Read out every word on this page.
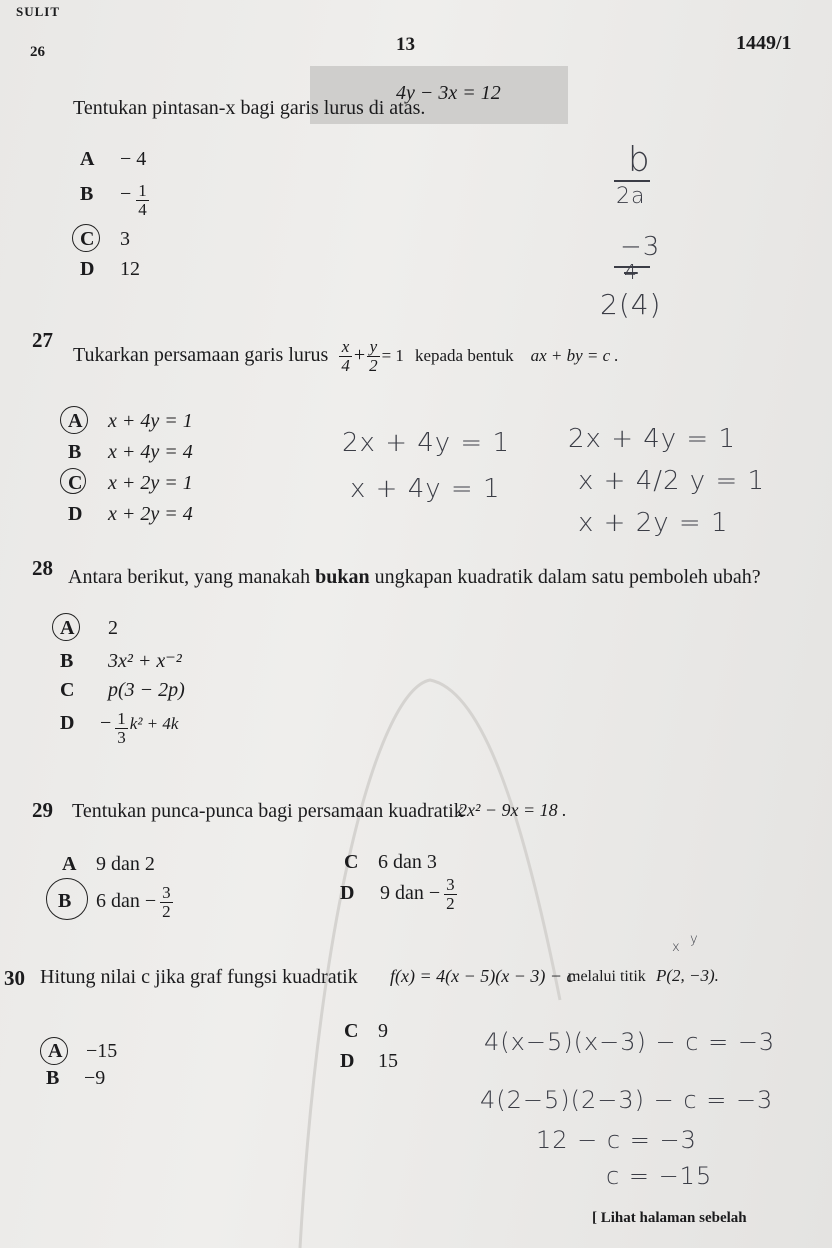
SULIT
26	13	1449/1
4y − 3x = 12
Tentukan pintasan-x bagi garis lurus di atas.
A − 4
$B - \frac{1}{4}$
C 3
D 12
b
2a
−3
4
2(4)
27
Tukarkan persamaan garis lurus $\frac{x}{4} + \frac{y}{2} = 1$ kepada bentuk ax + by = c .
A x + 4y = 1
B x + 4y = 4
C x + 2y = 1
D x + 2y = 4
2x + 4y = 1
x + 4y = 1
2x + 4y = 1
x + 4/2 y = 1
x + 2y = 1
28 Antara berikut, yang manakah bukan ungkapan kuadratik dalam satu pemboleh ubah?
A 2
B 3x² + x⁻²
C p(3 − 2p)
$D - \frac{1}{3} k^2 + 4k$
29 Tentukan punca-punca bagi persamaan kuadratik
2x² − 9x = 18 .
A 9 dan 2
B 6 dan − $\frac{3}{2}$
C 6 dan 3
D 9 dan − $\frac{3}{2}$
30 Hitung nilai c jika graf fungsi kuadratik f(x) = 4(x − 5)(x − 3) − c
melalui titik P(2, −3).
x
y
A −15
B −9
C 9
D 15
4(x−5)(x−3) − c = −3
4(2−5)(2−3) − c = −3
12 − c = −3
c = −15
[ Lihat halaman sebelah
